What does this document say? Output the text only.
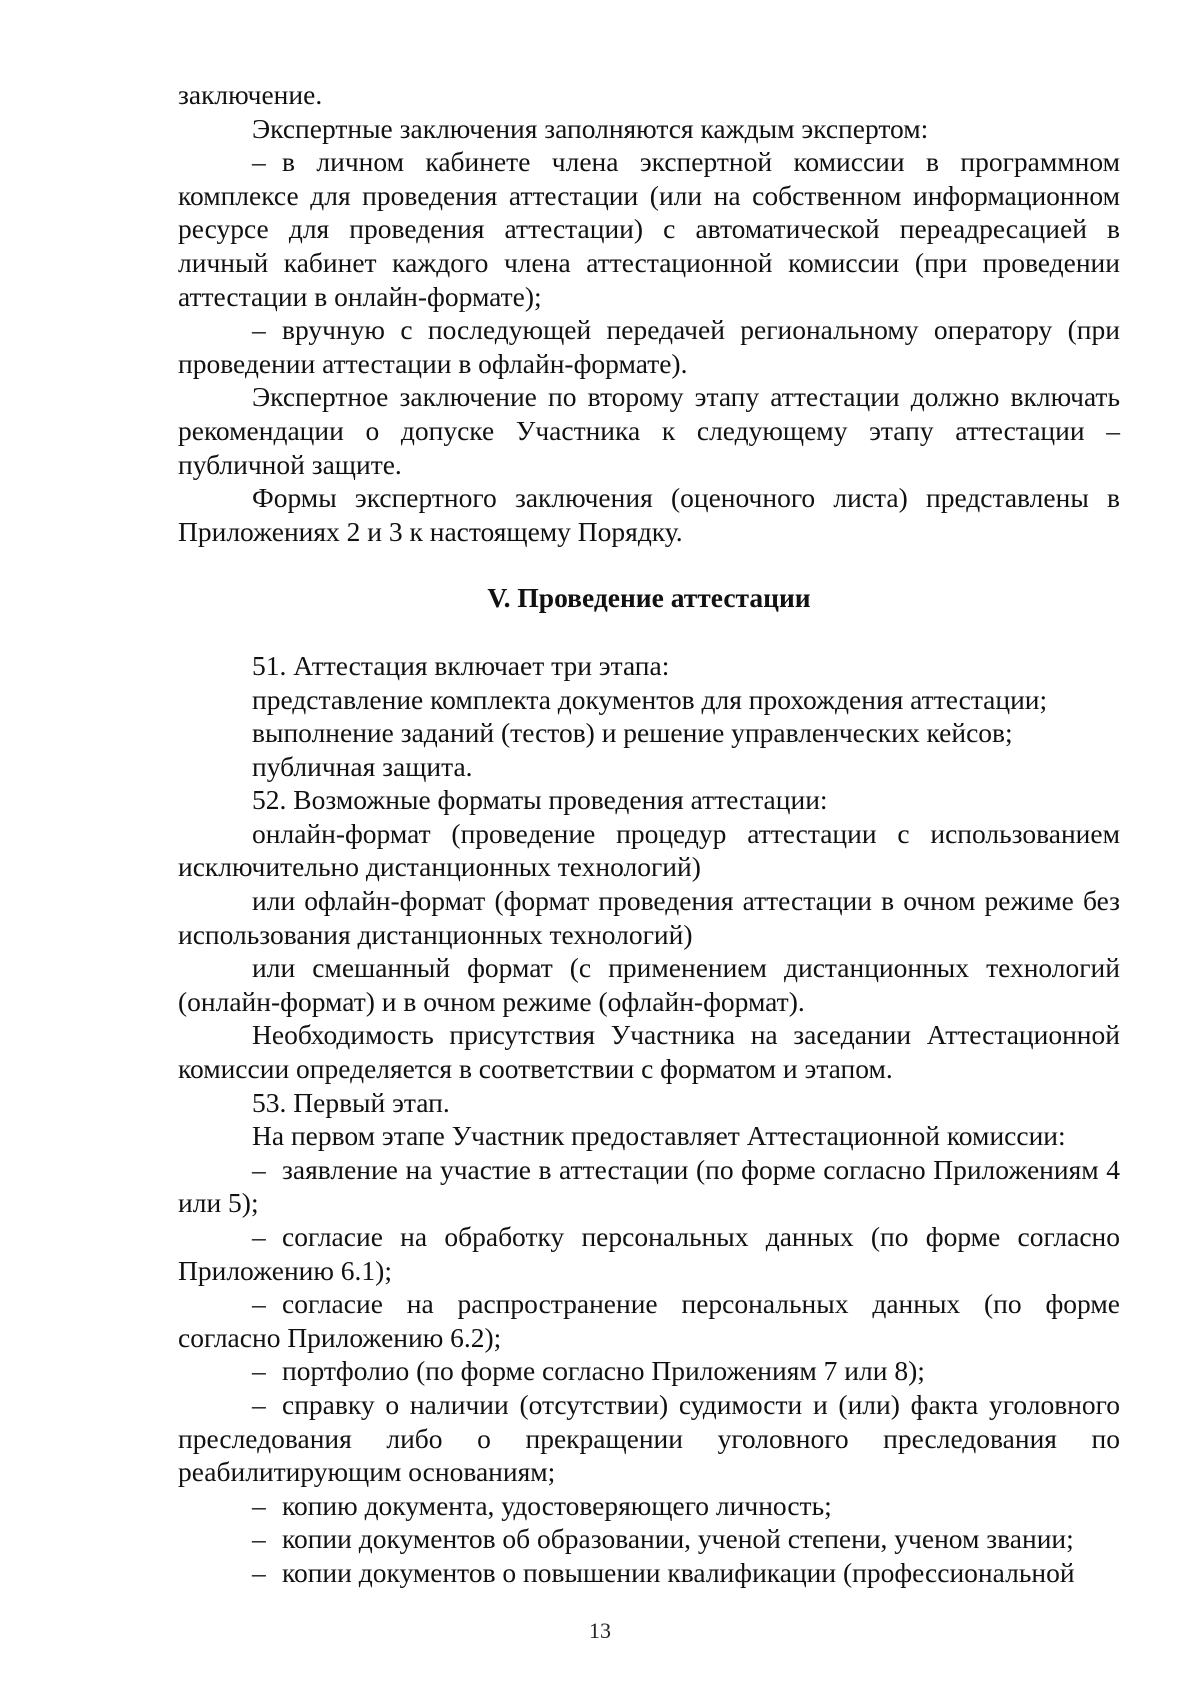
заключение.

Экспертные заключения заполняются каждым экспертом:

– в личном кабинете члена экспертной комиссии в программном комплексе для проведения аттестации (или на собственном информационном ресурсе для проведения аттестации) с автоматической переадресацией в личный кабинет каждого члена аттестационной комиссии (при проведении аттестации в онлайн-формате);

– вручную с последующей передачей региональному оператору (при проведении аттестации в офлайн-формате).

Экспертное заключение по второму этапу аттестации должно включать рекомендации о допуске Участника к следующему этапу аттестации – публичной защите.

Формы экспертного заключения (оценочного листа) представлены в Приложениях 2 и 3 к настоящему Порядку.

V. Проведение аттестации

51. Аттестация включает три этапа:

представление комплекта документов для прохождения аттестации;

выполнение заданий (тестов) и решение управленческих кейсов;

публичная защита.

52. Возможные форматы проведения аттестации:

онлайн-формат (проведение процедур аттестации с использованием исключительно дистанционных технологий)

или офлайн-формат (формат проведения аттестации в очном режиме без использования дистанционных технологий)

или смешанный формат (с применением дистанционных технологий (онлайн-формат) и в очном режиме (офлайн-формат).

Необходимость присутствия Участника на заседании Аттестационной комиссии определяется в соответствии с форматом и этапом.

53. Первый этап.

На первом этапе Участник предоставляет Аттестационной комиссии:

– заявление на участие в аттестации (по форме согласно Приложениям 4 или 5);

– согласие на обработку персональных данных (по форме согласно Приложению 6.1);

– согласие на распространение персональных данных (по форме согласно Приложению 6.2);

– портфолио (по форме согласно Приложениям 7 или 8);

– справку о наличии (отсутствии) судимости и (или) факта уголовного преследования либо о прекращении уголовного преследования по реабилитирующим основаниям;

– копию документа, удостоверяющего личность;

– копии документов об образовании, ученой степени, ученом звании;

– копии документов о повышении квалификации (профессиональной

13
